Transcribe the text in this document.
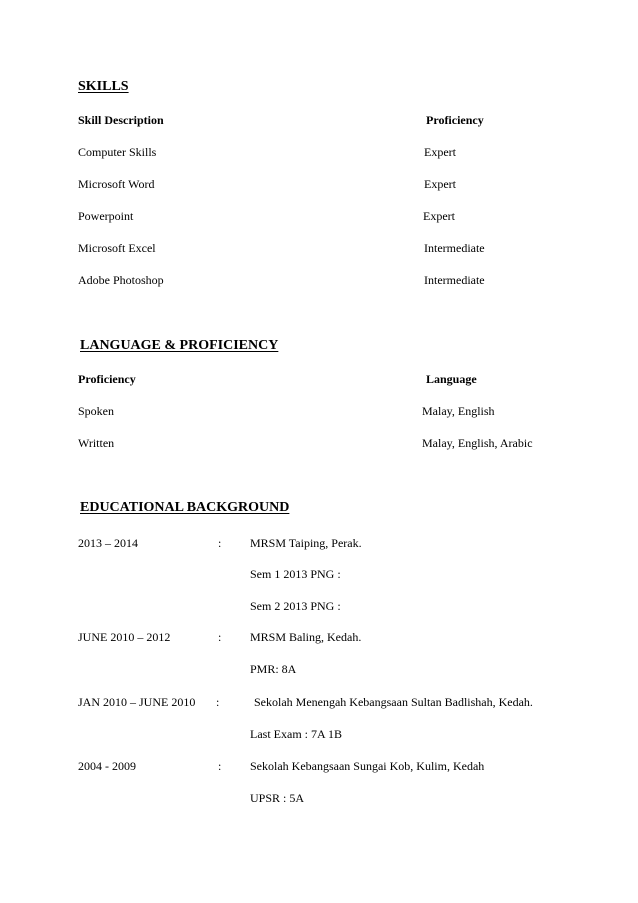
SKILLS
Skill Description	Proficiency
Computer Skills	Expert
Microsoft Word	Expert
Powerpoint	Expert
Microsoft Excel	Intermediate
Adobe Photoshop	Intermediate
LANGUAGE & PROFICIENCY
Proficiency	Language
Spoken	Malay, English
Written	Malay, English, Arabic
EDUCATIONAL BACKGROUND
2013 – 2014	: MRSM Taiping, Perak.
Sem 1 2013 PNG :
Sem 2 2013 PNG :
JUNE 2010 – 2012	: MRSM Baling, Kedah.
PMR: 8A
JAN 2010 – JUNE 2010 :	Sekolah Menengah Kebangsaan Sultan Badlishah, Kedah.
Last Exam : 7A 1B
2004 - 2009	: Sekolah Kebangsaan Sungai Kob, Kulim, Kedah
UPSR : 5A
